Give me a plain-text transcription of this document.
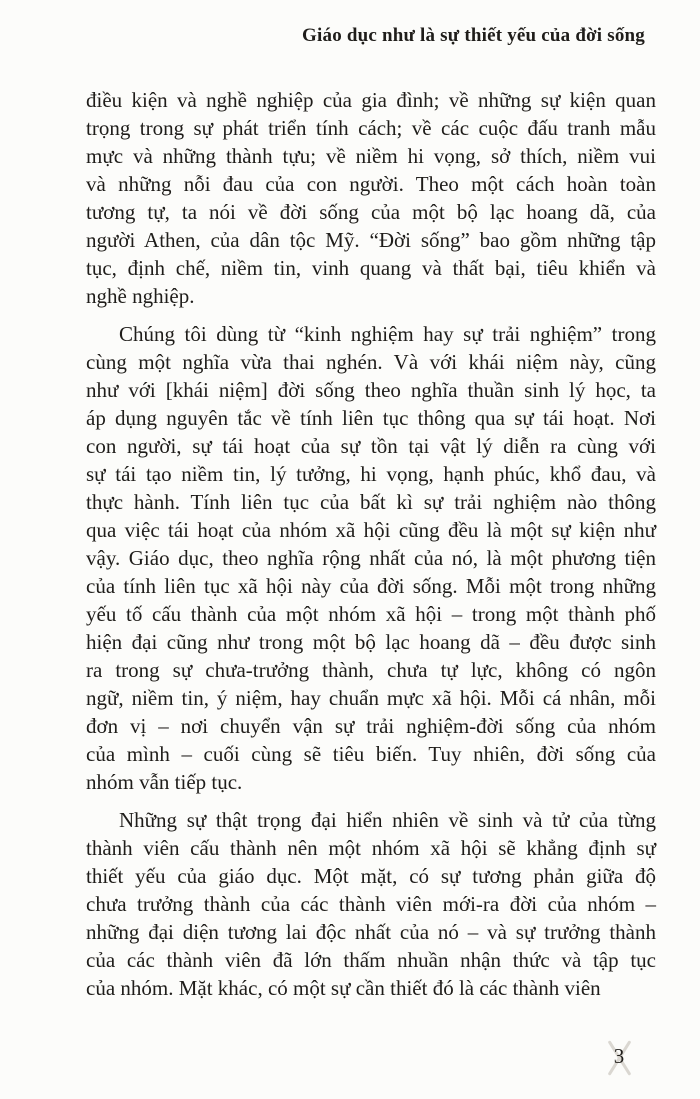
Giáo dục như là sự thiết yếu của đời sống
điều kiện và nghề nghiệp của gia đình; về những sự kiện quan
trọng trong sự phát triển tính cách; về các cuộc đấu tranh mẫu
mực và những thành tựu; về niềm hi vọng, sở thích, niềm vui
và những nỗi đau của con người. Theo một cách hoàn toàn
tương tự, ta nói về đời sống của một bộ lạc hoang dã, của
người Athen, của dân tộc Mỹ. “Đời sống” bao gồm những tập
tục, định chế, niềm tin, vinh quang và thất bại, tiêu khiển và
nghề nghiệp.
Chúng tôi dùng từ “kinh nghiệm hay sự trải nghiệm” trong
cùng một nghĩa vừa thai nghén. Và với khái niệm này, cũng
như với [khái niệm] đời sống theo nghĩa thuần sinh lý học, ta
áp dụng nguyên tắc về tính liên tục thông qua sự tái hoạt. Nơi
con người, sự tái hoạt của sự tồn tại vật lý diễn ra cùng với
sự tái tạo niềm tin, lý tưởng, hi vọng, hạnh phúc, khổ đau, và
thực hành. Tính liên tục của bất kì sự trải nghiệm nào thông
qua việc tái hoạt của nhóm xã hội cũng đều là một sự kiện như
vậy. Giáo dục, theo nghĩa rộng nhất của nó, là một phương tiện
của tính liên tục xã hội này của đời sống. Mỗi một trong những
yếu tố cấu thành của một nhóm xã hội – trong một thành phố
hiện đại cũng như trong một bộ lạc hoang dã – đều được sinh
ra trong sự chưa-trưởng thành, chưa tự lực, không có ngôn
ngữ, niềm tin, ý niệm, hay chuẩn mực xã hội. Mỗi cá nhân, mỗi
đơn vị – nơi chuyển vận sự trải nghiệm-đời sống của nhóm
của mình – cuối cùng sẽ tiêu biến. Tuy nhiên, đời sống của
nhóm vẫn tiếp tục.
Những sự thật trọng đại hiển nhiên về sinh và tử của từng
thành viên cấu thành nên một nhóm xã hội sẽ khẳng định sự
thiết yếu của giáo dục. Một mặt, có sự tương phản giữa độ
chưa trưởng thành của các thành viên mới-ra đời của nhóm –
những đại diện tương lai độc nhất của nó – và sự trưởng thành
của các thành viên đã lớn thấm nhuần nhận thức và tập tục
của nhóm. Mặt khác, có một sự cần thiết đó là các thành viên
3
